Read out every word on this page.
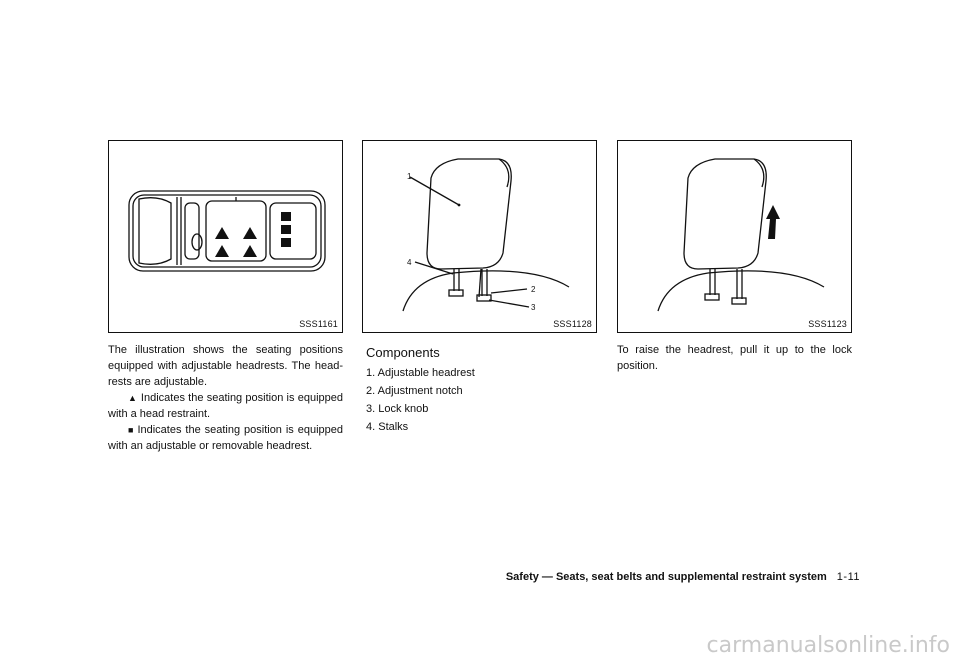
SSS1161
1
2
3
4
SSS1128	SSS1123

The illustration shows the seating positions equipped with adjustable headrests. The head-rests are adjustable.

▲ Indicates the seating position is equipped with a head restraint.

■ Indicates the seating position is equipped with an adjustable or removable headrest.

Components
1. Adjustable headrest
2. Adjustment notch
3. Lock knob
4. Stalks

To raise the headrest, pull it up to the lock position.

Safety — Seats, seat belts and supplemental restraint system 1-11
carmanualsonline.info
